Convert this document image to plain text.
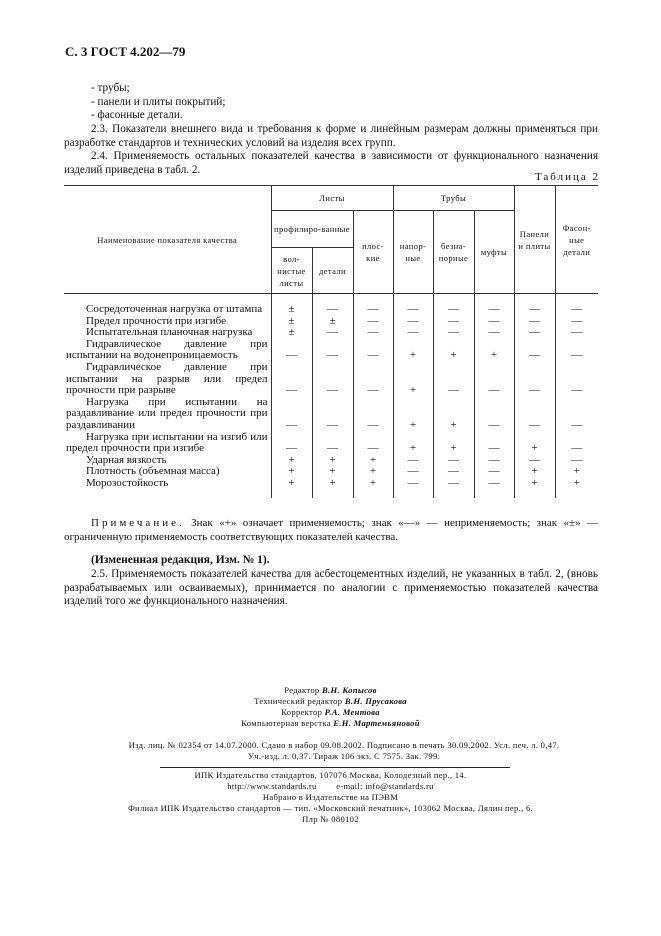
С. 3 ГОСТ 4.202—79
- трубы;
- панели и плиты покрытий;
- фасонные детали.
2.3. Показатели внешнего вида и требования к форме и линейным размерам должны применяться при разработке стандартов и технических условий на изделия всех групп.
2.4. Применяемость остальных показателей качества в зависимости от функционального назначения изделий приведена в табл. 2.
Таблица 2
Наименование показателя качества	Листы			Трубы			Панели и плиты	Фасон-ные детали
	профилиро-ванные		плос-кие	напор-ные	безна-порные	муфты		
	вол-нистые листы	детали						
Сосредоточенная нагрузка от штампа	±	—	—	—	—	—	—	—
Предел прочности при изгибе	±	±	—	—	—	—	—	—
Испытательная планочная нагрузка	±	—	—	—	—	—	—	—
Гидравлическое давление при испытании на водонепроницаемость	—	—	—	+	+	+	—	—
Гидравлическое давление при испытании на разрыв или предел прочности при разрыве	—	—	—	+	—	—	—	—
Нагрузка при испытании на раздавливание или предел прочности при раздавливании	—	—	—	+	+	—	—	—
Нагрузка при испытании на изгиб или предел прочности при изгибе	—	—	—	+	+	—	+	—
Ударная вязкость	+	+	+	—	—	—	—	—
Плотность (объемная масса)	+	+	+	—	—	—	+	+
Морозостойкость	+	+	+	—	—	—	+	+
Примечание. Знак «+» означает применяемость; знак «—» — неприменяемость; знак «±» — ограниченную применяемость соответствующих показателей качества.
(Измененная редакция, Изм. № 1).
2.5. Применяемость показателей качества для асбестоцементных изделий, не указанных в табл. 2, (вновь разрабатываемых или осваиваемых), принимается по аналогии с применяемостью показателей качества изделий того же функционального назначения.
Редактор В.Н. Копысов
Технический редактор В.Н. Прусакова
Корректор Р.А. Ментова
Компьютерная верстка Е.Н. Мартемьяновой
Изд. лиц. № 02354 от 14.07.2000. Сдано в набор 09.08.2002. Подписано в печать 30.09.2002. Усл. печ. л. 0,47.
Уч.-изд. л. 0,37. Тираж 106 экз. С 7575. Зак. 799.
ИПК Издательство стандартов, 107076 Москва, Колодезный пер., 14.
http://www.standards.ru e-mail: info@standards.ru
Набрано в Издательстве на ПЭВМ
Филиал ИПК Издательство стандартов — тип. «Московский печатник», 103062 Москва, Лялин пер., 6.
Плр № 080102
